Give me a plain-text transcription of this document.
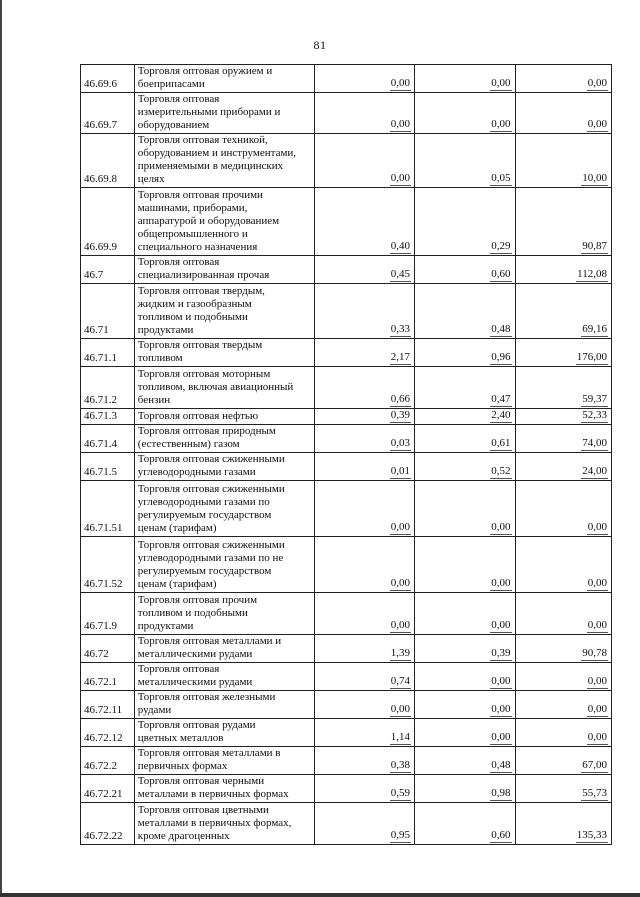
81
46.69.6	Торговля оптовая оружием и
боеприпасами	0,00	0,00	0,00
46.69.7	Торговля оптовая
измерительными приборами и
оборудованием	0,00	0,00	0,00
46.69.8	Торговля оптовая техникой,
оборудованием и инструментами,
применяемыми в медицинских
целях	0,00	0,05	10,00
46.69.9	Торговля оптовая прочими
машинами, приборами,
аппаратурой и оборудованием
общепромышленного и
специального назначения	0,40	0,29	90,87
46.7	Торговля оптовая
специализированная прочая	0,45	0,60	112,08
46.71	Торговля оптовая твердым,
жидким и газообразным
топливом и подобными
продуктами	0,33	0,48	69,16
46.71.1	Торговля оптовая твердым
топливом	2,17	0,96	176,00
46.71.2	Торговля оптовая моторным
топливом, включая авиационный
бензин	0,66	0,47	59,37
46.71.3	Торговля оптовая нефтью	0,39	2,40	52,33
46.71.4	Торговля оптовая природным
(естественным) газом	0,03	0,61	74,00
46.71.5	Торговля оптовая сжиженными
углеводородными газами	0,01	0,52	24,00
46.71.51	Торговля оптовая сжиженными
углеводородными газами по
регулируемым государством
ценам (тарифам)	0,00	0,00	0,00
46.71.52	Торговля оптовая сжиженными
углеводородными газами по не
регулируемым государством
ценам (тарифам)	0,00	0,00	0,00
46.71.9	Торговля оптовая прочим
топливом и подобными
продуктами	0,00	0,00	0,00
46.72	Торговля оптовая металлами и
металлическими рудами	1,39	0,39	90,78
46.72.1	Торговля оптовая
металлическими рудами	0,74	0,00	0,00
46.72.11	Торговля оптовая железными
рудами	0,00	0,00	0,00
46.72.12	Торговля оптовая рудами
цветных металлов	1,14	0,00	0,00
46.72.2	Торговля оптовая металлами в
первичных формах	0,38	0,48	67,00
46.72.21	Торговля оптовая черными
металлами в первичных формах	0,59	0,98	55,73
46.72.22	Торговля оптовая цветными
металлами в первичных формах,
кроме драгоценных	0,95	0,60	135,33
